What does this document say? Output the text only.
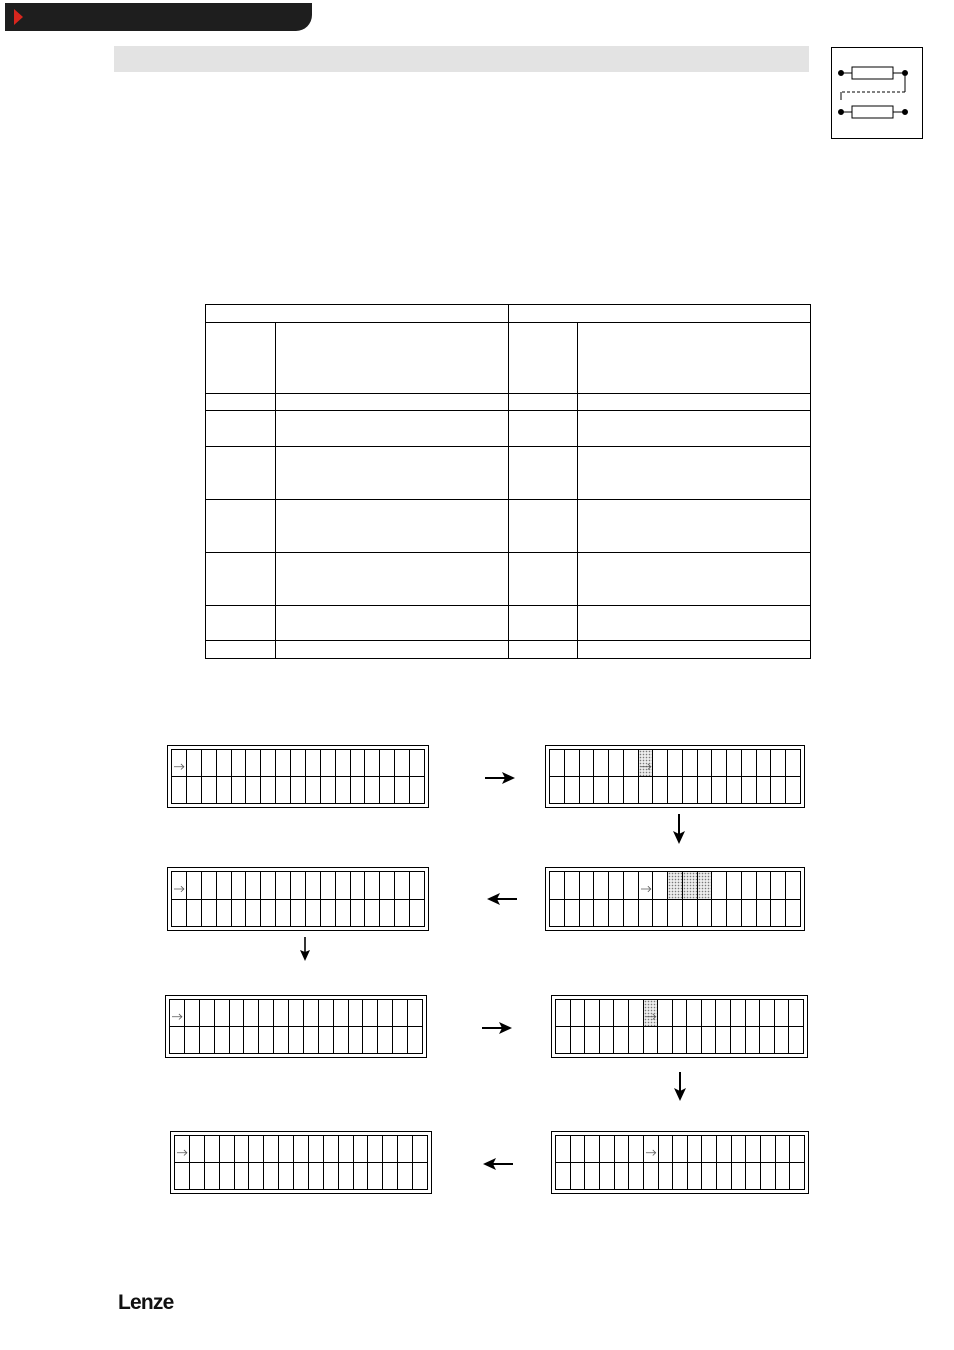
Lenze
